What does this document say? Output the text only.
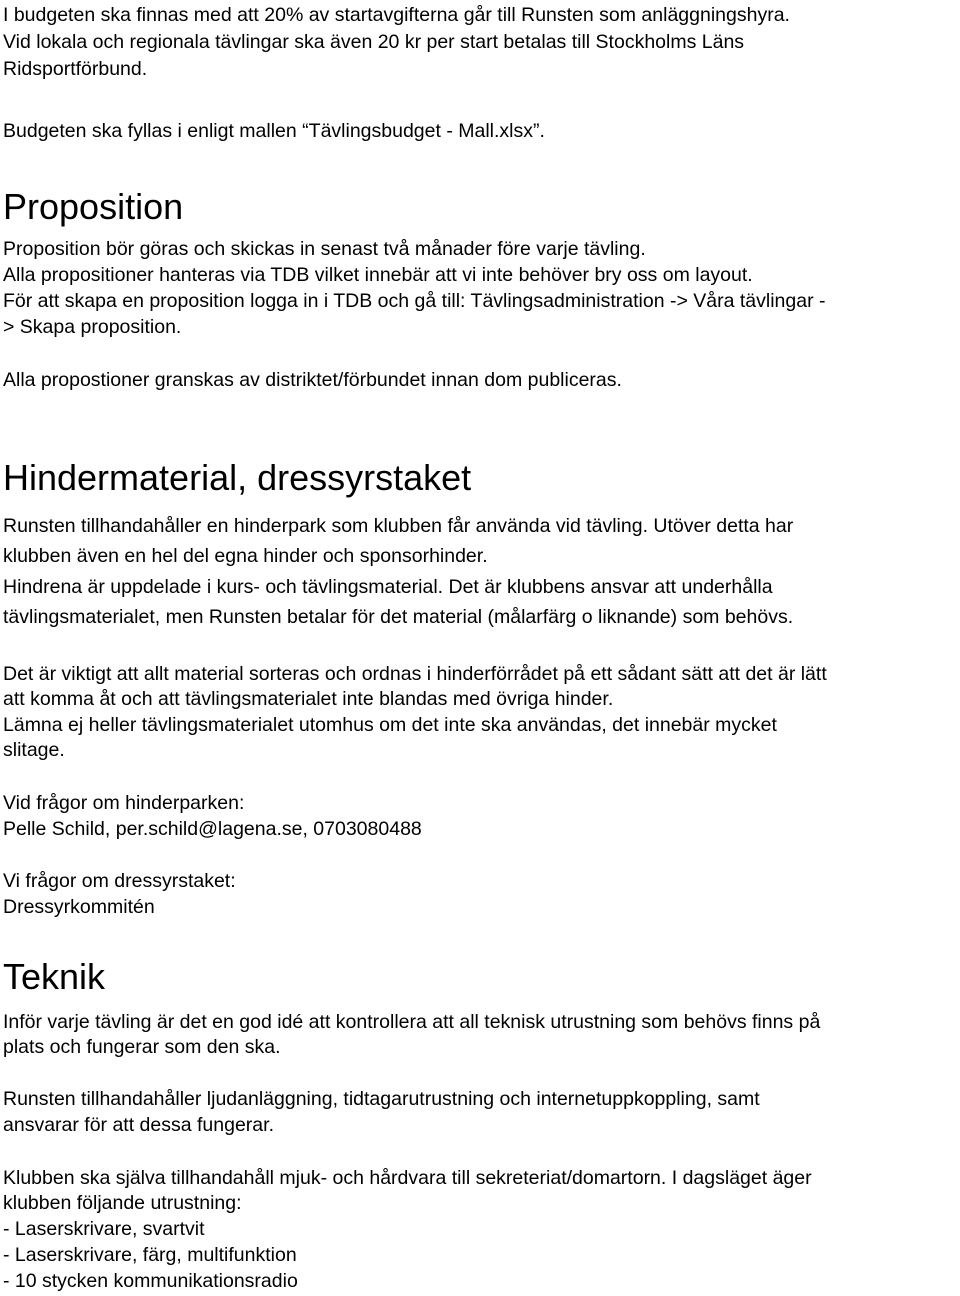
I budgeten ska finnas med att 20% av startavgifterna går till Runsten som anläggningshyra.
Vid lokala och regionala tävlingar ska även 20 kr per start betalas till Stockholms Läns
Ridsportförbund.
Budgeten ska fyllas i enligt mallen “Tävlingsbudget - Mall.xlsx”.
Proposition
Proposition bör göras och skickas in senast två månader före varje tävling.
Alla propositioner hanteras via TDB vilket innebär att vi inte behöver bry oss om layout.
För att skapa en proposition logga in i TDB och gå till: Tävlingsadministration -> Våra tävlingar -
> Skapa proposition.
Alla propostioner granskas av distriktet/förbundet innan dom publiceras.
Hindermaterial, dressyrstaket
Runsten tillhandahåller en hinderpark som klubben får använda vid tävling. Utöver detta har
klubben även en hel del egna hinder och sponsorhinder.
Hindrena är uppdelade i kurs- och tävlingsmaterial. Det är klubbens ansvar att underhålla
tävlingsmaterialet, men Runsten betalar för det material (målarfärg o liknande) som behövs.
Det är viktigt att allt material sorteras och ordnas i hinderförrådet på ett sådant sätt att det är lätt
att komma åt och att tävlingsmaterialet inte blandas med övriga hinder.
Lämna ej heller tävlingsmaterialet utomhus om det inte ska användas, det innebär mycket
slitage.
Vid frågor om hinderparken:
Pelle Schild, per.schild@lagena.se, 0703080488
Vi frågor om dressyrstaket:
Dressyrkommitén
Teknik
Inför varje tävling är det en god idé att kontrollera att all teknisk utrustning som behövs finns på
plats och fungerar som den ska.
Runsten tillhandahåller ljudanläggning, tidtagarutrustning och internetuppkoppling, samt
ansvarar för att dessa fungerar.
Klubben ska själva tillhandahåll mjuk- och hårdvara till sekreteriat/domartorn. I dagsläget äger
klubben följande utrustning:
- Laserskrivare, svartvit
- Laserskrivare, färg, multifunktion
- 10 stycken kommunikationsradio
